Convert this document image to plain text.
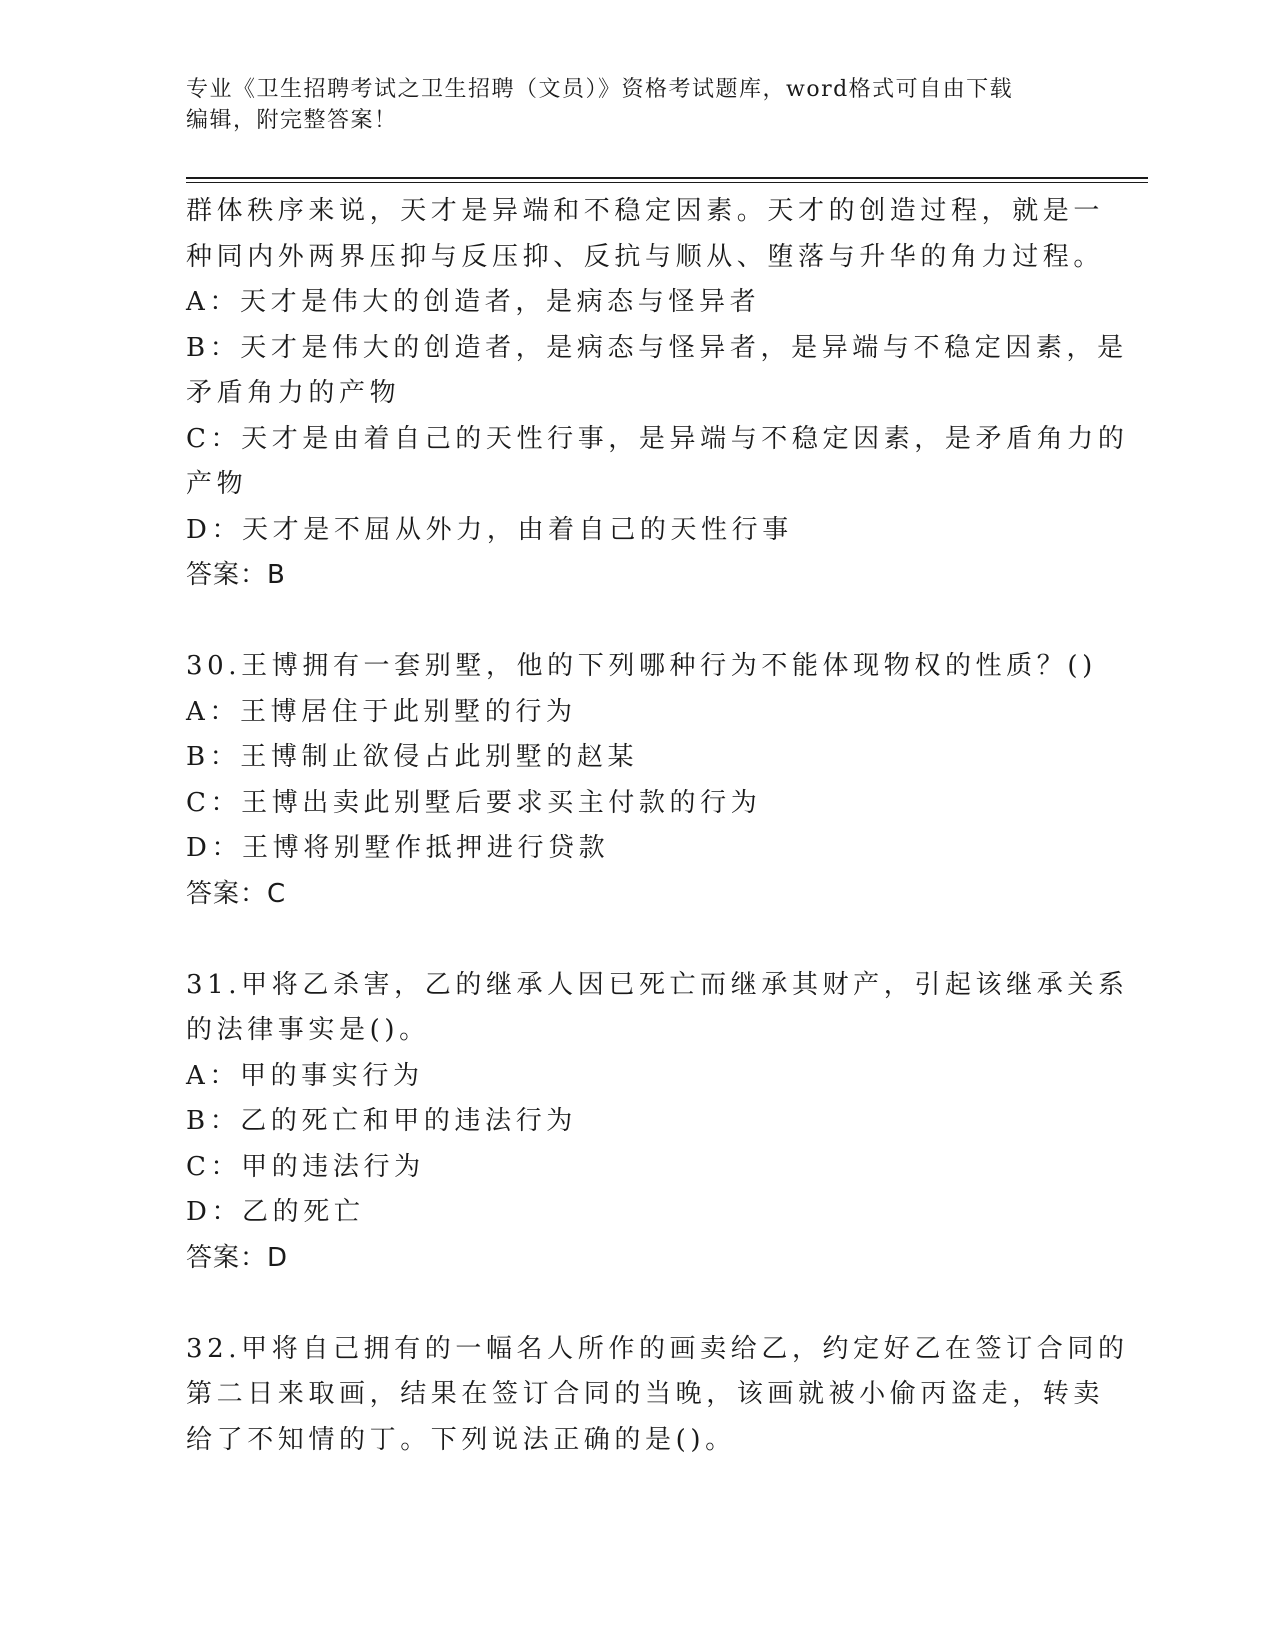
专业《卫生招聘考试之卫生招聘（文员）》资格考试题库，word格式可自由下载
编辑，附完整答案！
群体秩序来说，天才是异端和不稳定因素。天才的创造过程，就是一
种同内外两界压抑与反压抑、反抗与顺从、堕落与升华的角力过程。
A：天才是伟大的创造者，是病态与怪异者
B：天才是伟大的创造者，是病态与怪异者，是异端与不稳定因素，是
矛盾角力的产物
C：天才是由着自己的天性行事，是异端与不稳定因素，是矛盾角力的
产物
D：天才是不屈从外力，由着自己的天性行事
答案：B
30.王博拥有一套别墅，他的下列哪种行为不能体现物权的性质？()
A：王博居住于此别墅的行为
B：王博制止欲侵占此别墅的赵某
C：王博出卖此别墅后要求买主付款的行为
D：王博将别墅作抵押进行贷款
答案：C
31.甲将乙杀害，乙的继承人因已死亡而继承其财产，引起该继承关系
的法律事实是()。
A：甲的事实行为
B：乙的死亡和甲的违法行为
C：甲的违法行为
D：乙的死亡
答案：D
32.甲将自己拥有的一幅名人所作的画卖给乙，约定好乙在签订合同的
第二日来取画，结果在签订合同的当晚，该画就被小偷丙盗走，转卖
给了不知情的丁。下列说法正确的是()。
